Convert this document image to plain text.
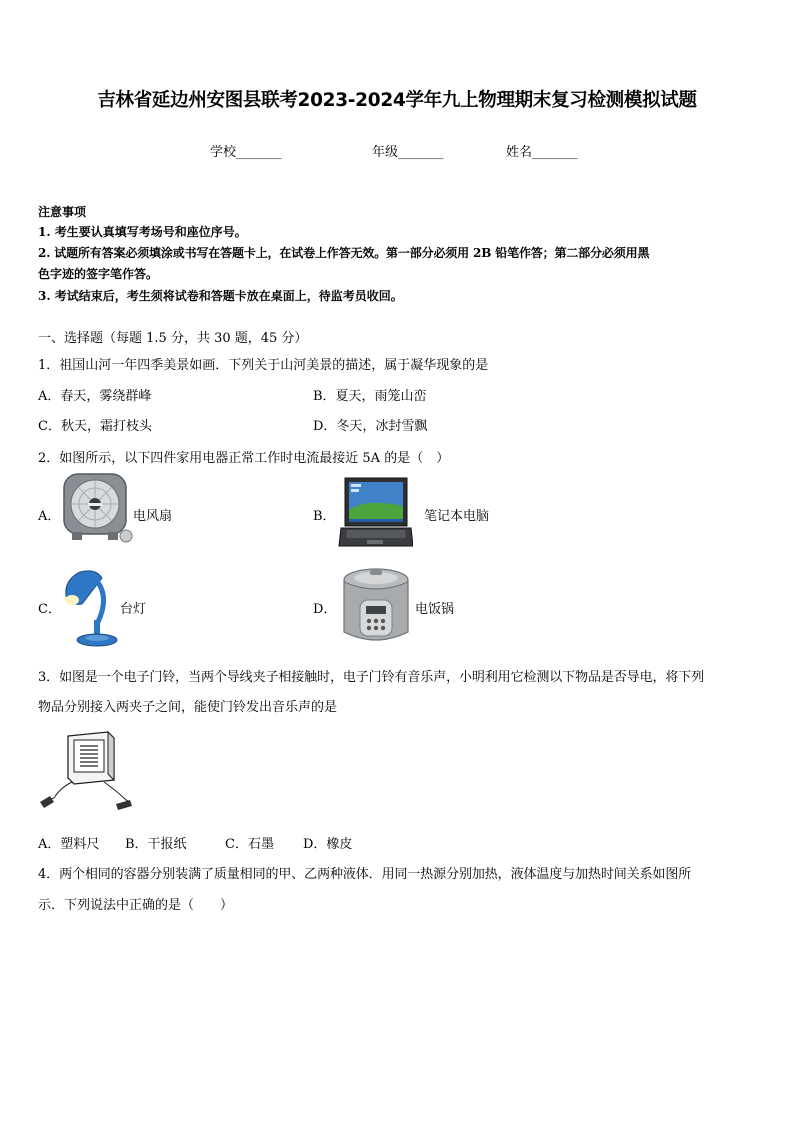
吉林省延边州安图县联考2023-2024学年九上物理期末复习检测模拟试题
学校_______	年级_______	姓名_______
注意事项
1. 考生要认真填写考场号和座位序号。
2. 试题所有答案必须填涂或书写在答题卡上，在试卷上作答无效。第一部分必须用 2B 铅笔作答；第二部分必须用黑
色字迹的签字笔作答。
3. 考试结束后，考生须将试卷和答题卡放在桌面上，待监考员收回。
一、选择题（每题 1.5 分，共 30 题，45 分）
1．祖国山河一年四季美景如画．下列关于山河美景的描述，属于凝华现象的是
A．春天，雾绕群峰	B．夏天，雨笼山峦
C．秋天，霜打枝头	D．冬天，冰封雪飘
2．如图所示，以下四件家用电器正常工作时电流最接近 5A 的是（　）
A．	电风扇	B．	笔记本电脑
C．	台灯	D．	电饭锅
3．如图是一个电子门铃，当两个导线夹子相接触时，电子门铃有音乐声，小明利用它检测以下物品是否导电，将下列
物品分别接入两夹子之间，能使门铃发出音乐声的是
A．塑料尺 B．干报纸	C．石墨 D．橡皮
4．两个相同的容器分别装满了质量相同的甲、乙两种液体．用同一热源分别加热，液体温度与加热时间关系如图所
示．下列说法中正确的是（　　）
